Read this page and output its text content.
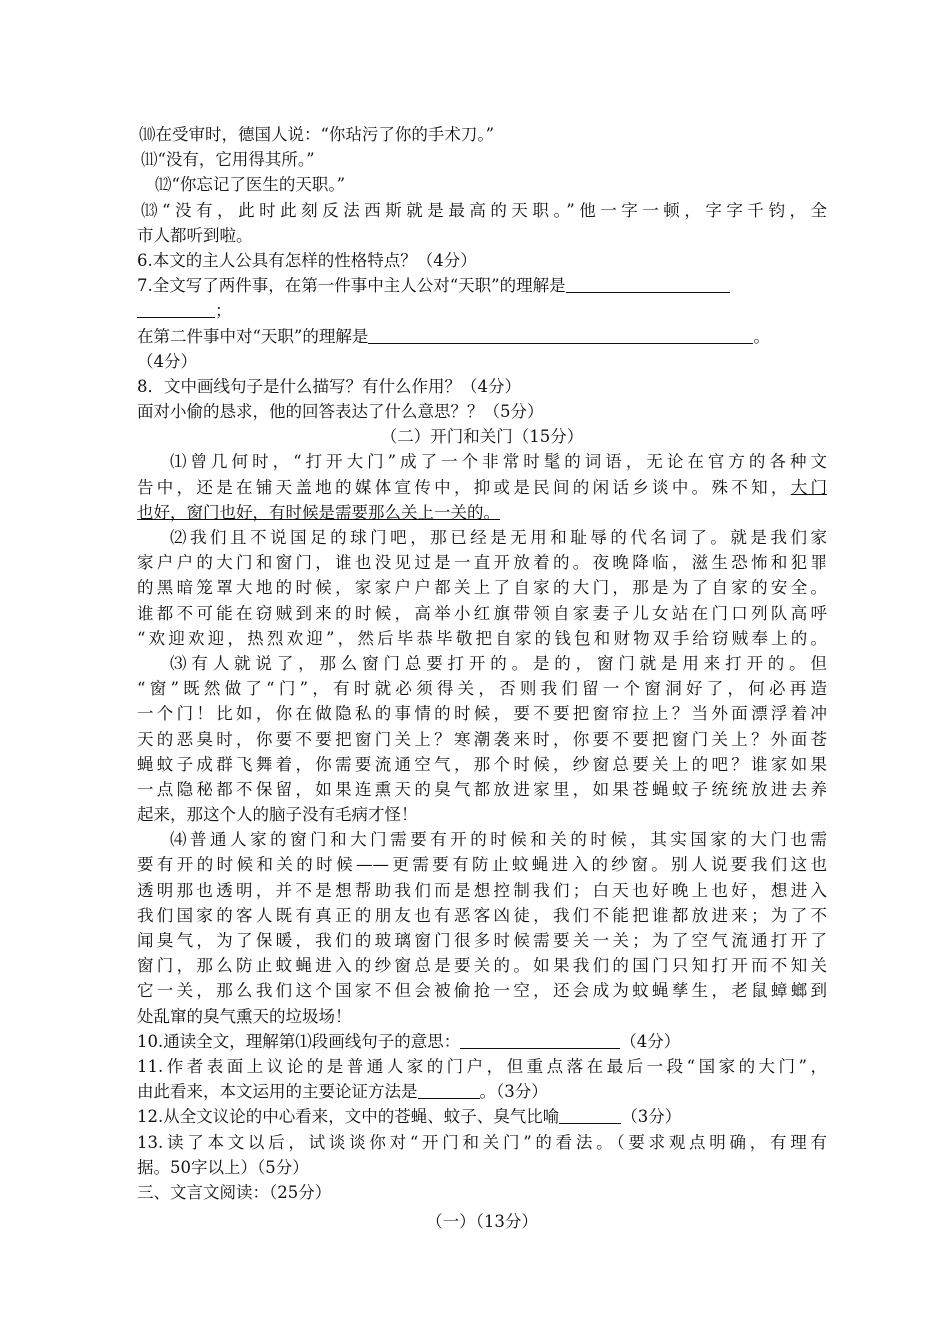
⑽在受审时，德国人说：“你玷污了你的手术刀。”
⑾“没有，它用得其所。”
⑿“你忘记了医生的天职。”
⒀“没有，此时此刻反法西斯就是最高的天职。”他一字一顿，字字千钧，全
市人都听到啦。
6.本文的主人公具有怎样的性格特点？（4分）
7.全文写了两件事，在第一件事中主人公对“天职”的理解是
；
在第二件事中对“天职”的理解是	。
（4分）
8．文中画线句子是什么描写？有什么作用？（4分）
面对小偷的恳求，他的回答表达了什么意思？？（5分）
（二）开门和关门（15分）
⑴曾几何时，“打开大门”成了一个非常时髦的词语，无论在官方的各种文
告中，还是在铺天盖地的媒体宣传中，抑或是民间的闲话乡谈中。殊不知，大门
也好，窗门也好，有时候是需要那么关上一关的。
⑵我们且不说国足的球门吧，那已经是无用和耻辱的代名词了。就是我们家
家户户的大门和窗门，谁也没见过是一直开放着的。夜晚降临，滋生恐怖和犯罪
的黑暗笼罩大地的时候，家家户户都关上了自家的大门，那是为了自家的安全。
谁都不可能在窃贼到来的时候，高举小红旗带领自家妻子儿女站在门口列队高呼
“欢迎欢迎，热烈欢迎”，然后毕恭毕敬把自家的钱包和财物双手给窃贼奉上的。
⑶有人就说了，那么窗门总要打开的。是的，窗门就是用来打开的。但
“窗”既然做了“门”，有时就必须得关，否则我们留一个窗洞好了，何必再造
一个门！比如，你在做隐私的事情的时候，要不要把窗帘拉上？当外面漂浮着冲
天的恶臭时，你要不要把窗门关上？寒潮袭来时，你要不要把窗门关上？外面苍
蝇蚊子成群飞舞着，你需要流通空气，那个时候，纱窗总要关上的吧？谁家如果
一点隐秘都不保留，如果连熏天的臭气都放进家里，如果苍蝇蚊子统统放进去养
起来，那这个人的脑子没有毛病才怪！
⑷普通人家的窗门和大门需要有开的时候和关的时候，其实国家的大门也需
要有开的时候和关的时候——更需要有防止蚊蝇进入的纱窗。别人说要我们这也
透明那也透明，并不是想帮助我们而是想控制我们；白天也好晚上也好，想进入
我们国家的客人既有真正的朋友也有恶客凶徒，我们不能把谁都放进来；为了不
闻臭气，为了保暖，我们的玻璃窗门很多时候需要关一关；为了空气流通打开了
窗门，那么防止蚊蝇进入的纱窗总是要关的。如果我们的国门只知打开而不知关
它一关，那么我们这个国家不但会被偷抢一空，还会成为蚊蝇孳生，老鼠蟑螂到
处乱窜的臭气熏天的垃圾场！
10.通读全文，理解第⑴段画线句子的意思：	（4分）
11.作者表面上议论的是普通人家的门户，但重点落在最后一段“国家的大门”，
由此看来，本文运用的主要论证方法是	。（3分）
12.从全文议论的中心看来，文中的苍蝇、蚊子、臭气比喻	（3分）
13.读了本文以后，试谈谈你对“开门和关门”的看法。（要求观点明确，有理有
据。50字以上）（5分）
三、文言文阅读：（25分）
（一）（13分）
